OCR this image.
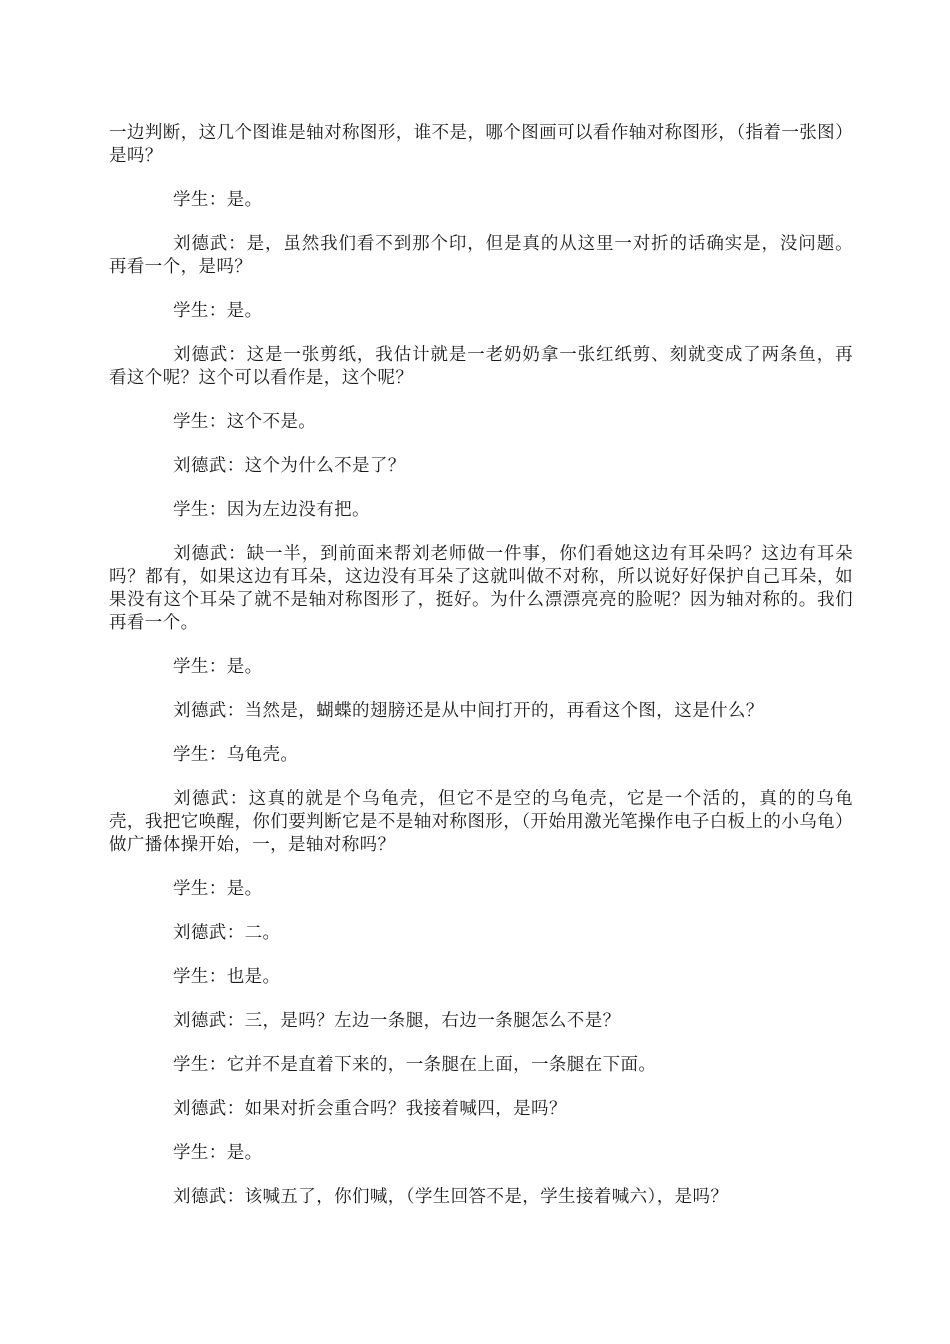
一边判断，这几个图谁是轴对称图形，谁不是，哪个图画可以看作轴对称图形，（指着一张图）是吗？

学生：是。

刘德武：是，虽然我们看不到那个印，但是真的从这里一对折的话确实是，没问题。再看一个，是吗？

学生：是。

刘德武：这是一张剪纸，我估计就是一老奶奶拿一张红纸剪、刻就变成了两条鱼，再看这个呢？这个可以看作是，这个呢？

学生：这个不是。

刘德武：这个为什么不是了？

学生：因为左边没有把。

刘德武：缺一半，到前面来帮刘老师做一件事，你们看她这边有耳朵吗？这边有耳朵吗？都有，如果这边有耳朵，这边没有耳朵了这就叫做不对称，所以说好好保护自己耳朵，如果没有这个耳朵了就不是轴对称图形了，挺好。为什么漂漂亮亮的脸呢？因为轴对称的。我们再看一个。

学生：是。

刘德武：当然是，蝴蝶的翅膀还是从中间打开的，再看这个图，这是什么？

学生：乌龟壳。

刘德武：这真的就是个乌龟壳，但它不是空的乌龟壳，它是一个活的，真的的乌龟壳，我把它唤醒，你们要判断它是不是轴对称图形，（开始用激光笔操作电子白板上的小乌龟）做广播体操开始，一，是轴对称吗？

学生：是。

刘德武：二。

学生：也是。

刘德武：三，是吗？左边一条腿，右边一条腿怎么不是？

学生：它并不是直着下来的，一条腿在上面，一条腿在下面。

刘德武：如果对折会重合吗？我接着喊四，是吗？

学生：是。

刘德武：该喊五了，你们喊，（学生回答不是，学生接着喊六），是吗？
